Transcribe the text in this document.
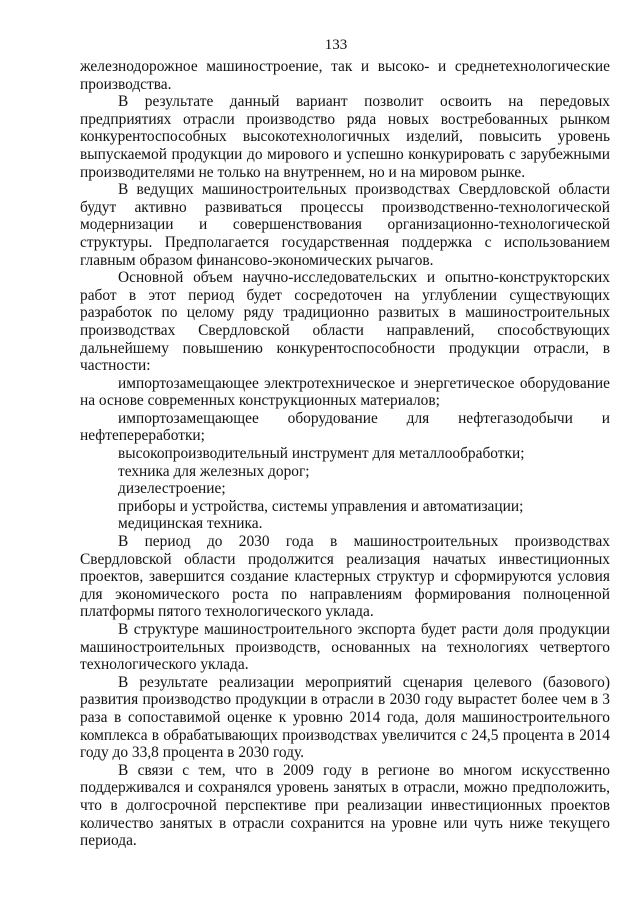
133

железнодорожное машиностроение, так и высоко- и среднетехнологические производства.

В результате данный вариант позволит освоить на передовых предприятиях отрасли производство ряда новых востребованных рынком конкурентоспособных высокотехнологичных изделий, повысить уровень выпускаемой продукции до мирового и успешно конкурировать с зарубежными производителями не только на внутреннем, но и на мировом рынке.

В ведущих машиностроительных производствах Свердловской области будут активно развиваться процессы производственно-технологической модернизации и совершенствования организационно-технологической структуры. Предполагается государственная поддержка с использованием главным образом финансово-экономических рычагов.

Основной объем научно-исследовательских и опытно-конструкторских работ в этот период будет сосредоточен на углублении существующих разработок по целому ряду традиционно развитых в машиностроительных производствах Свердловской области направлений, способствующих дальнейшему повышению конкурентоспособности продукции отрасли, в частности:

импортозамещающее электротехническое и энергетическое оборудование на основе современных конструкционных материалов;

импортозамещающее оборудование для нефтегазодобычи и нефтепереработки;

высокопроизводительный инструмент для металлообработки;

техника для железных дорог;

дизелестроение;

приборы и устройства, системы управления и автоматизации;

медицинская техника.

В период до 2030 года в машиностроительных производствах Свердловской области продолжится реализация начатых инвестиционных проектов, завершится создание кластерных структур и сформируются условия для экономического роста по направлениям формирования полноценной платформы пятого технологического уклада.

В структуре машиностроительного экспорта будет расти доля продукции машиностроительных производств, основанных на технологиях четвертого технологического уклада.

В результате реализации мероприятий сценария целевого (базового) развития производство продукции в отрасли в 2030 году вырастет более чем в 3 раза в сопоставимой оценке к уровню 2014 года, доля машиностроительного комплекса в обрабатывающих производствах увеличится с 24,5 процента в 2014 году до 33,8 процента в 2030 году.

В связи с тем, что в 2009 году в регионе во многом искусственно поддерживался и сохранялся уровень занятых в отрасли, можно предположить, что в долгосрочной перспективе при реализации инвестиционных проектов количество занятых в отрасли сохранится на уровне или чуть ниже текущего периода.
